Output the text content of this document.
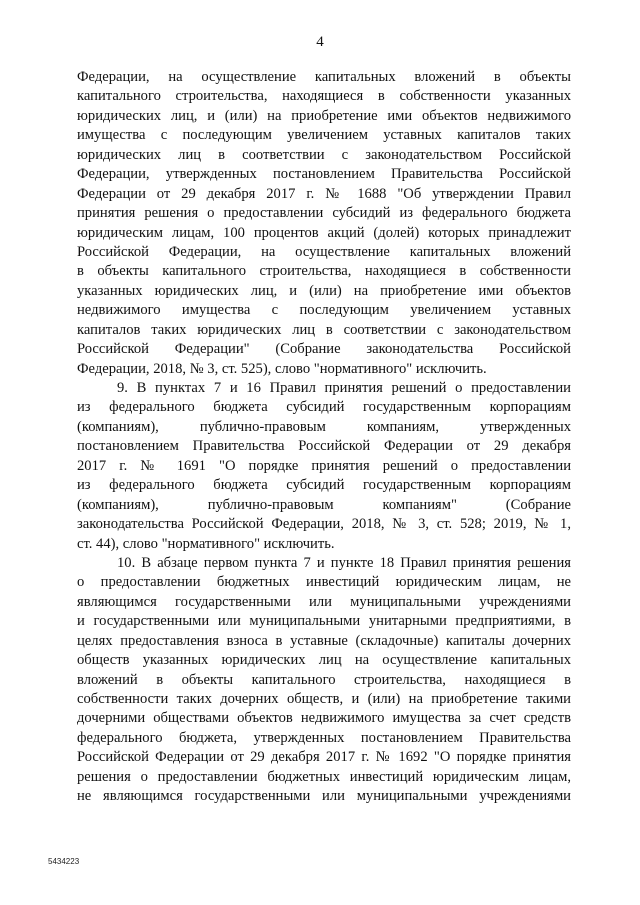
4
Федерации, на осуществление капитальных вложений в объекты
капитального строительства, находящиеся в собственности указанных
юридических лиц, и (или) на приобретение ими объектов недвижимого
имущества с последующим увеличением уставных капиталов таких
юридических лиц в соответствии с законодательством Российской
Федерации, утвержденных постановлением Правительства Российской
Федерации от 29 декабря 2017 г. № 1688 "Об утверждении Правил
принятия решения о предоставлении субсидий из федерального бюджета
юридическим лицам, 100 процентов акций (долей) которых принадлежит
Российской Федерации, на осуществление капитальных вложений
в объекты капитального строительства, находящиеся в собственности
указанных юридических лиц, и (или) на приобретение ими объектов
недвижимого имущества с последующим увеличением уставных
капиталов таких юридических лиц в соответствии с законодательством
Российской Федерации" (Собрание законодательства Российской
Федерации, 2018, № 3, ст. 525), слово "нормативного" исключить.
9. В пунктах 7 и 16 Правил принятия решений о предоставлении
из федерального бюджета субсидий государственным корпорациям
(компаниям), публично-правовым компаниям, утвержденных
постановлением Правительства Российской Федерации от 29 декабря
2017 г. № 1691 "О порядке принятия решений о предоставлении
из федерального бюджета субсидий государственным корпорациям
(компаниям), публично-правовым компаниям" (Собрание
законодательства Российской Федерации, 2018, № 3, ст. 528; 2019, № 1,
ст. 44), слово "нормативного" исключить.
10. В абзаце первом пункта 7 и пункте 18 Правил принятия решения
о предоставлении бюджетных инвестиций юридическим лицам, не
являющимся государственными или муниципальными учреждениями
и государственными или муниципальными унитарными предприятиями, в
целях предоставления взноса в уставные (складочные) капиталы дочерних
обществ указанных юридических лиц на осуществление капитальных
вложений в объекты капитального строительства, находящиеся в
собственности таких дочерних обществ, и (или) на приобретение такими
дочерними обществами объектов недвижимого имущества за счет средств
федерального бюджета, утвержденных постановлением Правительства
Российской Федерации от 29 декабря 2017 г. № 1692 "О порядке принятия
решения о предоставлении бюджетных инвестиций юридическим лицам,
не являющимся государственными или муниципальными учреждениями
5434223
